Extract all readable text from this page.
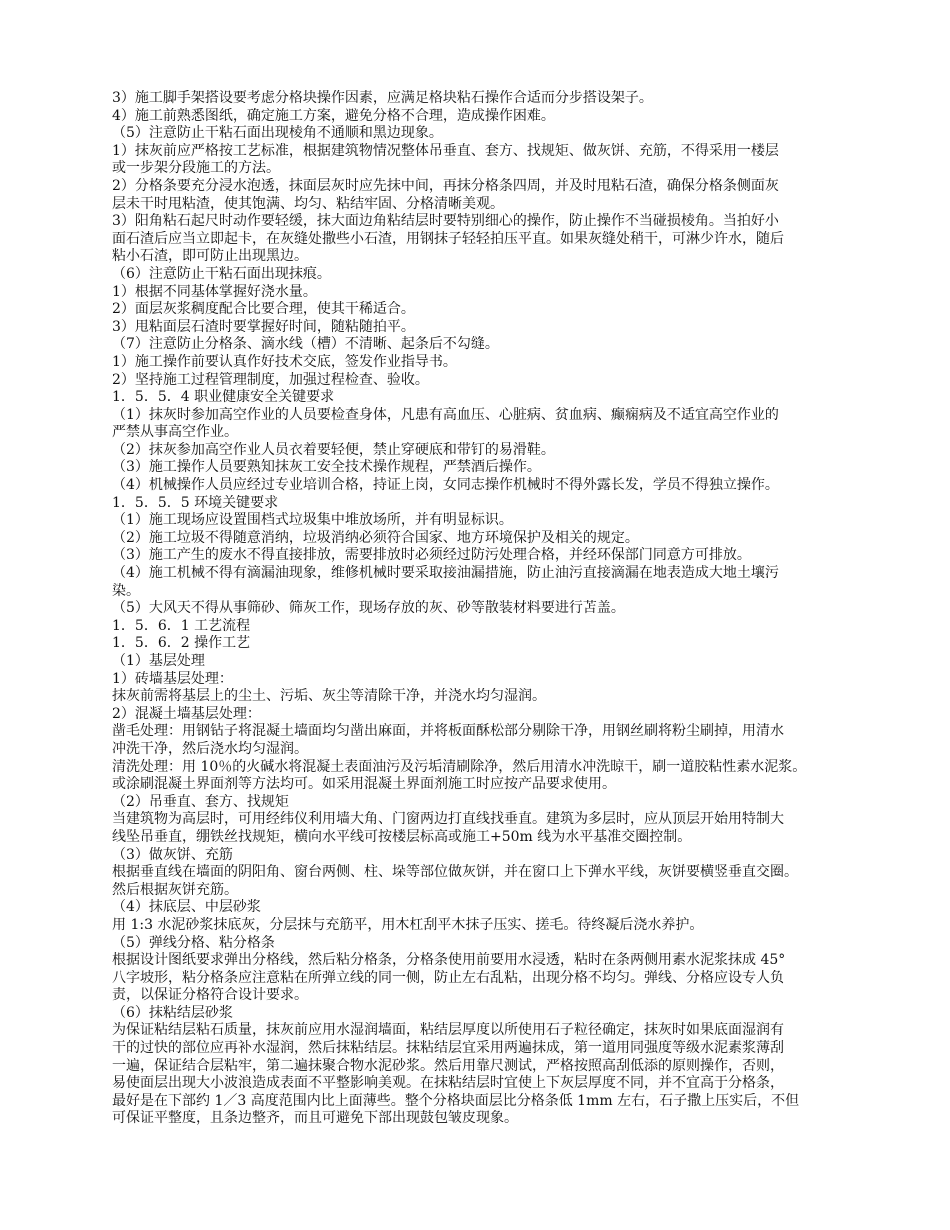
3）施工脚手架搭设要考虑分格块操作因素，应满足格块粘石操作合适而分步搭设架子。
4）施工前熟悉图纸，确定施工方案，避免分格不合理，造成操作困难。
（5）注意防止干粘石面出现棱角不通顺和黑边现象。
1）抹灰前应严格按工艺标准，根据建筑物情况整体吊垂直、套方、找规矩、做灰饼、充筋，不得采用一楼层
或一步架分段施工的方法。
2）分格条要充分浸水泡透，抹面层灰时应先抹中间，再抹分格条四周，并及时甩粘石渣，确保分格条侧面灰
层未干时甩粘渣，使其饱满、均匀、粘结牢固、分格清晰美观。
3）阳角粘石起尺时动作要轻缓，抹大面边角粘结层时要特别细心的操作，防止操作不当碰损棱角。当拍好小
面石渣后应当立即起卡，在灰缝处撒些小石渣，用钢抹子轻轻拍压平直。如果灰缝处稍干，可淋少许水，随后
粘小石渣，即可防止出现黑边。
（6）注意防止干粘石面出现抹痕。
1）根据不同基体掌握好浇水量。
2）面层灰浆稠度配合比要合理，使其干稀适合。
3）甩粘面层石渣时要掌握好时间，随粘随拍平。
（7）注意防止分格条、滴水线（槽）不清晰、起条后不勾缝。
1）施工操作前要认真作好技术交底，签发作业指导书。
2）坚持施工过程管理制度，加强过程检查、验收。
1．5．5．4 职业健康安全关键要求
（1）抹灰时参加高空作业的人员要检查身体，凡患有高血压、心脏病、贫血病、癫痫病及不适宜高空作业的
严禁从事高空作业。
（2）抹灰参加高空作业人员衣着要轻便，禁止穿硬底和带钉的易滑鞋。
（3）施工操作人员要熟知抹灰工安全技术操作规程，严禁酒后操作。
（4）机械操作人员应经过专业培训合格，持证上岗，女同志操作机械时不得外露长发，学员不得独立操作。
1．5．5．5 环境关键要求
（1）施工现场应设置围档式垃圾集中堆放场所，并有明显标识。
（2）施工垃圾不得随意消纳，垃圾消纳必须符合国家、地方环境保护及相关的规定。
（3）施工产生的废水不得直接排放，需要排放时必须经过防污处理合格，并经环保部门同意方可排放。
（4）施工机械不得有滴漏油现象，维修机械时要采取接油漏措施，防止油污直接滴漏在地表造成大地土壤污
染。
（5）大风天不得从事筛砂、筛灰工作，现场存放的灰、砂等散装材料要进行苫盖。
1．5．6．1 工艺流程
1．5．6．2 操作工艺
（1）基层处理
1）砖墙基层处理：
抹灰前需将基层上的尘土、污垢、灰尘等清除干净，并浇水均匀湿润。
2）混凝土墙基层处理：
凿毛处理：用钢钻子将混凝土墙面均匀凿出麻面，并将板面酥松部分剔除干净，用钢丝刷将粉尘刷掉，用清水
冲洗干净，然后浇水均匀湿润。
清洗处理：用 10％的火碱水将混凝土表面油污及污垢清刷除净，然后用清水冲洗晾干，刷一道胶粘性素水泥浆。
或涂刷混凝土界面剂等方法均可。如采用混凝土界面剂施工时应按产品要求使用。
（2）吊垂直、套方、找规矩
当建筑物为高层时，可用经纬仪利用墙大角、门窗两边打直线找垂直。建筑为多层时，应从顶层开始用特制大
线坠吊垂直，绷铁丝找规矩，横向水平线可按楼层标高或施工+50m 线为水平基准交圈控制。
（3）做灰饼、充筋
根据垂直线在墙面的阴阳角、窗台两侧、柱、垛等部位做灰饼，并在窗口上下弹水平线，灰饼要横竖垂直交圈。
然后根据灰饼充筋。
（4）抹底层、中层砂浆
用 1:3 水泥砂浆抹底灰，分层抹与充筋平，用木杠刮平木抹子压实、搓毛。待终凝后浇水养护。
（5）弹线分格、粘分格条
根据设计图纸要求弹出分格线，然后粘分格条，分格条使用前要用水浸透，粘时在条两侧用素水泥浆抹成 45°
八字坡形，粘分格条应注意粘在所弹立线的同一侧，防止左右乱粘，出现分格不均匀。弹线、分格应设专人负
责，以保证分格符合设计要求。
（6）抹粘结层砂浆
为保证粘结层粘石质量，抹灰前应用水湿润墙面，粘结层厚度以所使用石子粒径确定，抹灰时如果底面湿润有
干的过快的部位应再补水湿润，然后抹粘结层。抹粘结层宜采用两遍抹成，第一道用同强度等级水泥素浆薄刮
一遍，保证结合层粘牢，第二遍抹聚合物水泥砂浆。然后用靠尺测试，严格按照高刮低添的原则操作，否则，
易使面层出现大小波浪造成表面不平整影响美观。在抹粘结层时宜使上下灰层厚度不同，并不宜高于分格条，
最好是在下部约 1／3 高度范围内比上面薄些。整个分格块面层比分格条低 1mm 左右，石子撒上压实后，不但
可保证平整度，且条边整齐，而且可避免下部出现鼓包皱皮现象。
